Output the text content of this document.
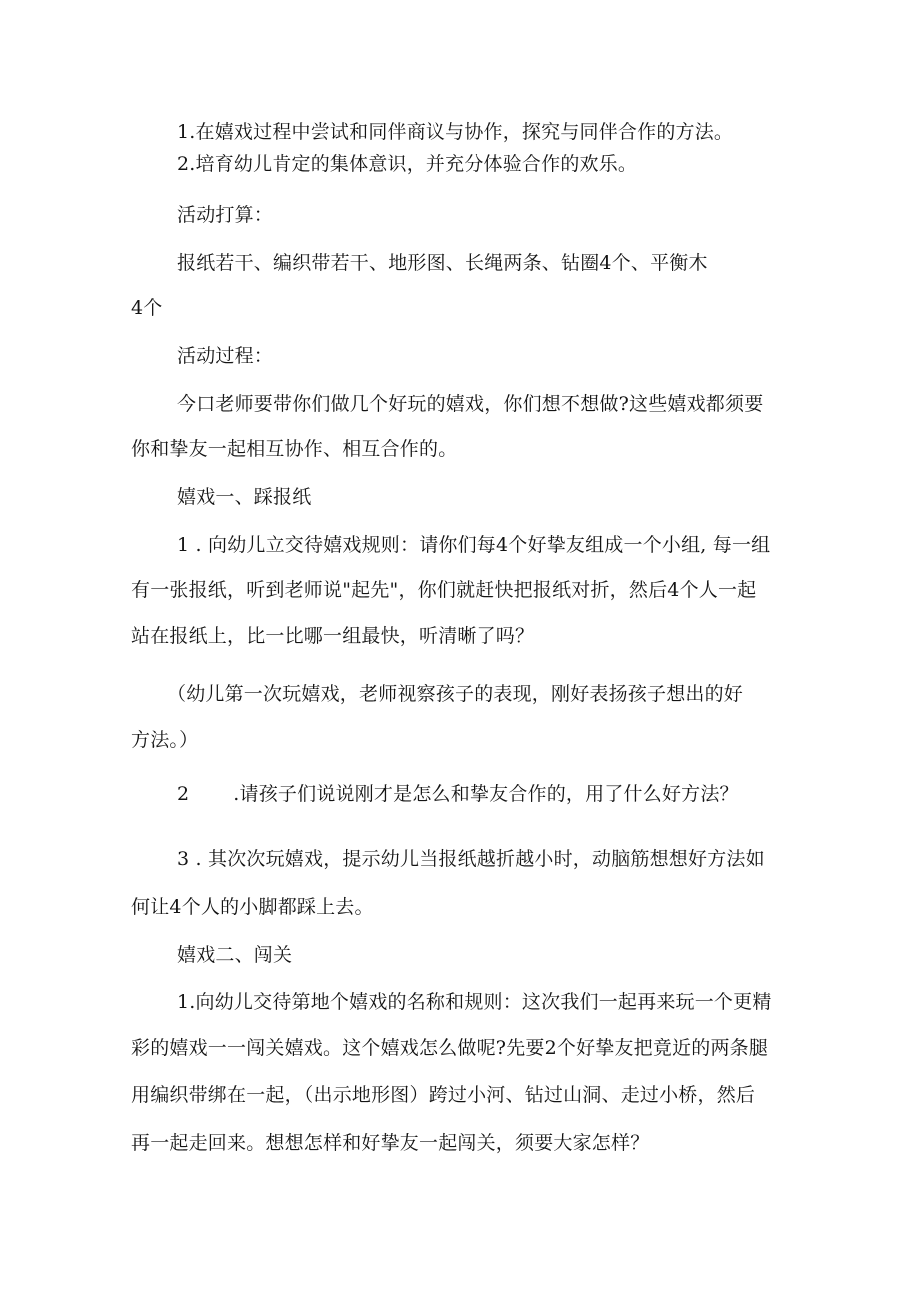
1.在嬉戏过程中尝试和同伴商议与协作，探究与同伴合作的方法。
2.培育幼儿肯定的集体意识，并充分体验合作的欢乐。
活动打算：
报纸若干、编织带若干、地形图、长绳两条、钻圈4个、平衡木
4个
活动过程：
今口老师要带你们做几个好玩的嬉戏，你们想不想做?这些嬉戏都须要
你和挚友一起相互协作、相互合作的。
嬉戏一、踩报纸
1 . 向幼儿立交待嬉戏规则：请你们每4个好挚友组成一个小组, 每一组
有一张报纸，听到老师说"起先"，你们就赶快把报纸对折，然后4个人一起
站在报纸上，比一比哪一组最快，听清晰了吗？
（幼儿第一次玩嬉戏，老师视察孩子的表现，刚好表扬孩子想出的好
方法。）
2 .请孩子们说说刚才是怎么和挚友合作的，用了什么好方法？
3 . 其次次玩嬉戏，提示幼儿当报纸越折越小时，动脑筋想想好方法如
何让4个人的小脚都踩上去。
嬉戏二、闯关
1.向幼儿交待第地个嬉戏的名称和规则：这次我们一起再来玩一个更精
彩的嬉戏一一闯关嬉戏。这个嬉戏怎么做呢?先要2个好挚友把竟近的两条腿
用编织带绑在一起，（出示地形图）跨过小河、钻过山洞、走过小桥，然后
再一起走回来。想想怎样和好挚友一起闯关，须要大家怎样？
